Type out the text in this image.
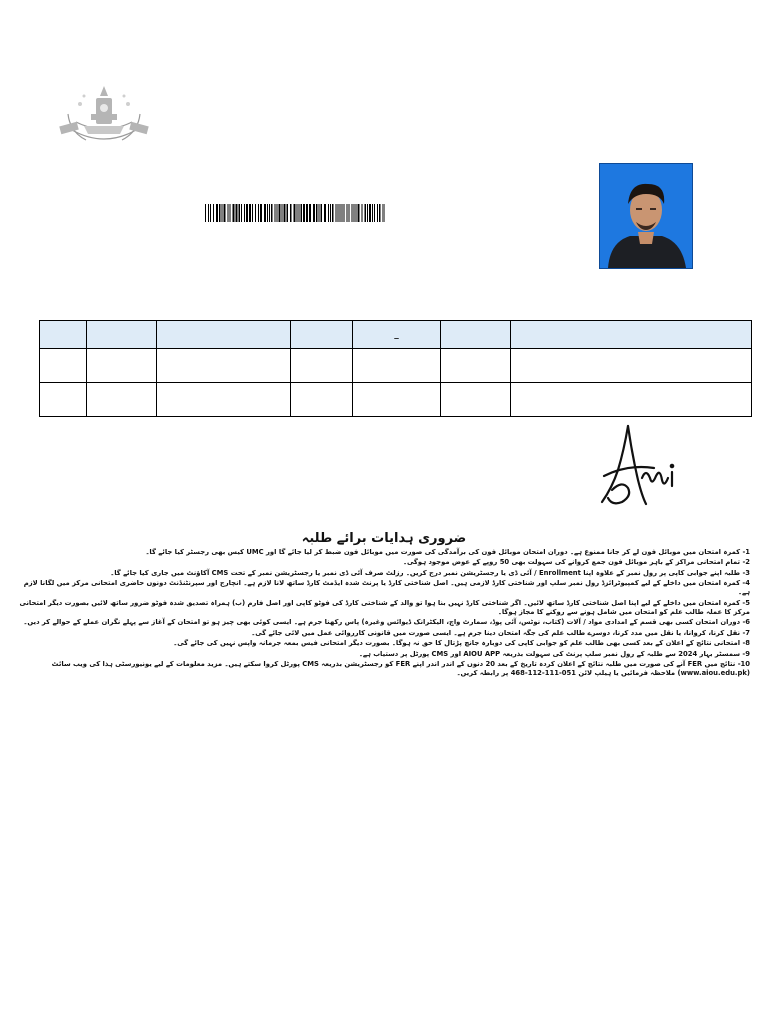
				_		

ضروری ہدایات برائے طلبہ

1- کمرہ امتحان میں موبائل فون لے کر جانا ممنوع ہے۔ دوران امتحان موبائل فون کی برآمدگی کی صورت میں موبائل فون ضبط کر لیا جائے گا اور UMC کیس بھی رجسٹر کیا جائے گا۔

2- تمام امتحانی مراکز کے باہر موبائل فون جمع کروانے کی سہولت بھی 50 روپے کے عوض موجود ہوگی۔

3- طلبہ اپنے جوابی کاپی پر رول نمبر کے علاوہ اپنا Enrollment / آئی ڈی یا رجسٹریشن نمبر درج کریں۔ رزلٹ صرف آئی ڈی نمبر یا رجسٹریشن نمبر کے تحت CMS آکاؤنٹ میں جاری کیا جائے گا۔

4- کمرہ امتحان میں داخلے کے لیے کمپیوٹرائزڈ رول نمبر سلپ اور شناختی کارڈ لازمی ہیں۔ اصل شناختی کارڈ یا پرنٹ شدہ ایڈمٹ کارڈ ساتھ لانا لازم ہے۔ انچارج اور سپرنٹنڈنٹ دونوں حاضری امتحانی مرکز میں لگانا لازم ہے۔

5- کمرہ امتحان میں داخلے کے لیے اپنا اصل شناختی کارڈ ساتھ لائیں۔ اگر شناختی کارڈ نہیں بنا ہوا تو والد کے شناختی کارڈ کی فوٹو کاپی اور اصل فارم (ب) ہمراہ تصدیق شدہ فوٹو ضرور ساتھ لائیں بصورت دیگر امتحانی مرکز کا عملہ طالب علم کو امتحان میں شامل ہونے سے روکنے کا مجاز ہوگا۔

6- دوران امتحان کسی بھی قسم کے امدادی مواد / آلات (کتاب، نوٹس، آئی پوڈ، سمارٹ واچ، الیکٹرانک ڈیوائس وغیرہ) پاس رکھنا جرم ہے۔ ایسی کوئی بھی چیز ہو تو امتحان کے آغاز سے پہلے نگران عملے کے حوالے کر دیں۔

7- نقل کرنا، کروانا، یا نقل میں مدد کرنا، دوسرے طالب علم کی جگہ امتحان دینا جرم ہے۔ ایسی صورت میں قانونی کارروائی عمل میں لائی جائے گی۔

8- امتحانی نتائج کے اعلان کے بعد کسی بھی طالب علم کو جوابی کاپی کی دوبارہ جانچ پڑتال کا حق نہ ہوگا۔ بصورت دیگر امتحانی فیس بمعہ جرمانہ واپس نہیں کی جائے گی۔

9- سمسٹر بہار 2024 سے طلبہ کے رول نمبر سلپ پرنٹ کی سہولت بذریعہ AIOU APP اور CMS پورٹل پر دستیاب ہے۔

10- نتائج میں FER آنے کی صورت میں طلبہ نتائج کے اعلان کردہ تاریخ کے بعد 20 دنوں کے اندر اندر اپنے FER کو رجسٹریشن بذریعہ CMS پورٹل کروا سکتے ہیں۔ مزید معلومات کے لیے یونیورسٹی ہذا کی ویب سائٹ (www.aiou.edu.pk) ملاحظہ فرمائیں یا ہیلپ لائن 051-111-112-468 پر رابطہ کریں۔
